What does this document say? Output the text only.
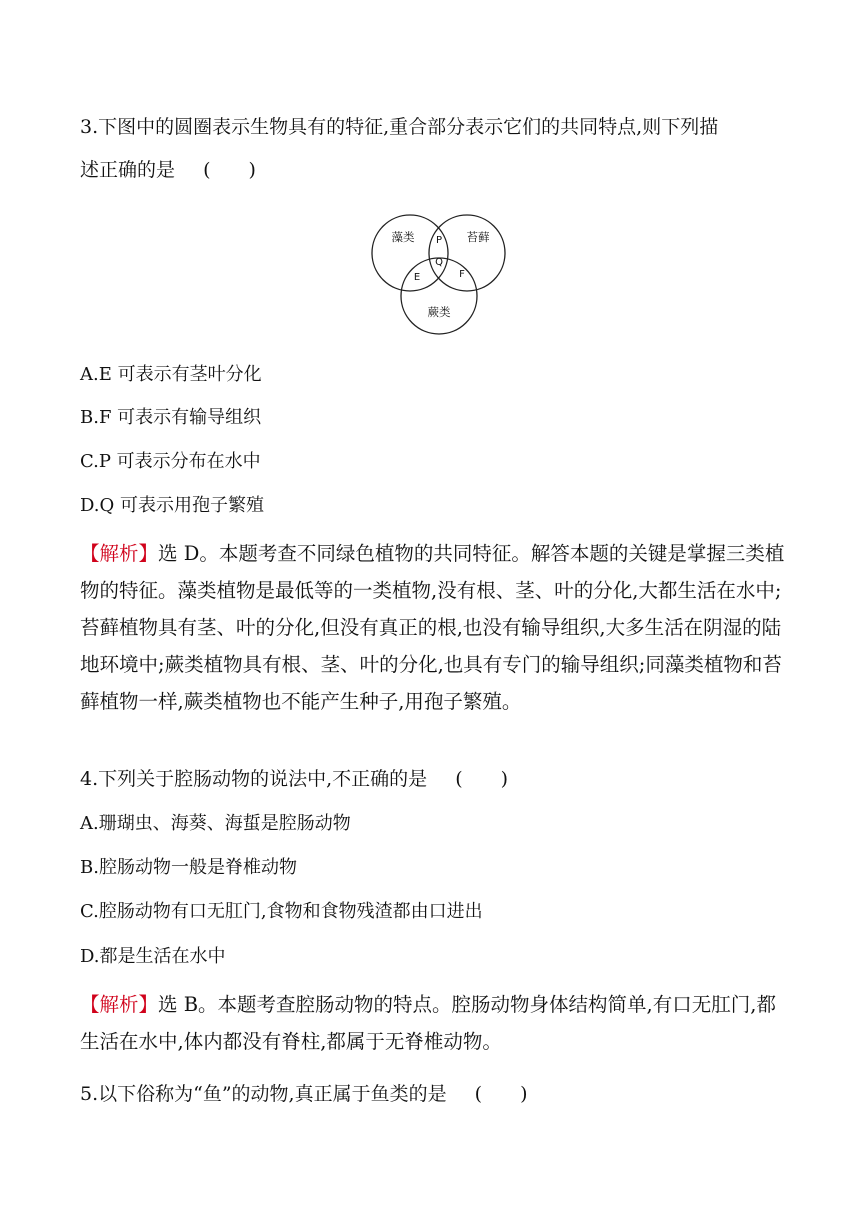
3.下图中的圆圈表示生物具有的特征,重合部分表示它们的共同特点,则下列描
述正确的是 (　　)
藻类	苔藓
蕨类
P
Q
E	F
A.E 可表示有茎叶分化
B.F 可表示有输导组织
C.P 可表示分布在水中
D.Q 可表示用孢子繁殖
【解析】选 D。本题考查不同绿色植物的共同特征。解答本题的关键是掌握三类植物的特征。藻类植物是最低等的一类植物,没有根、茎、叶的分化,大都生活在水中;苔藓植物具有茎、叶的分化,但没有真正的根,也没有输导组织,大多生活在阴湿的陆地环境中;蕨类植物具有根、茎、叶的分化,也具有专门的输导组织;同藻类植物和苔藓植物一样,蕨类植物也不能产生种子,用孢子繁殖。
4.下列关于腔肠动物的说法中,不正确的是 (　　)
A.珊瑚虫、海葵、海蜇是腔肠动物
B.腔肠动物一般是脊椎动物
C.腔肠动物有口无肛门,食物和食物残渣都由口进出
D.都是生活在水中
【解析】选 B。本题考查腔肠动物的特点。腔肠动物身体结构简单,有口无肛门,都生活在水中,体内都没有脊柱,都属于无脊椎动物。
5.以下俗称为“鱼”的动物,真正属于鱼类的是 (　　)
